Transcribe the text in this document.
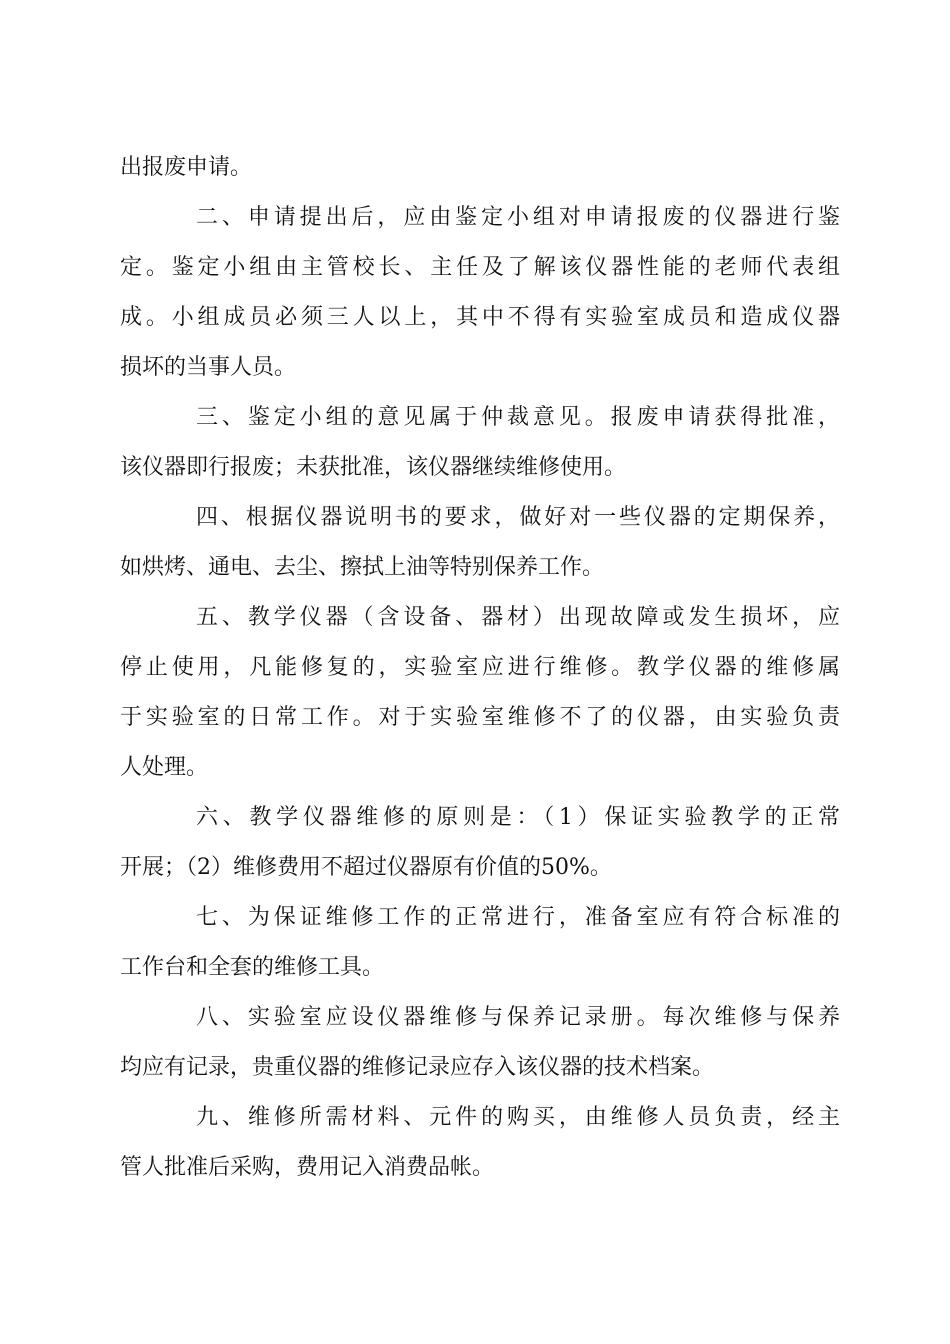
出报废申请。
二、申请提出后，应由鉴定小组对申请报废的仪器进行鉴
定。鉴定小组由主管校长、主任及了解该仪器性能的老师代表组
成。小组成员必须三人以上，其中不得有实验室成员和造成仪器
损坏的当事人员。
三、鉴定小组的意见属于仲裁意见。报废申请获得批准，
该仪器即行报废；未获批准，该仪器继续维修使用。
四、根据仪器说明书的要求，做好对一些仪器的定期保养，
如烘烤、通电、去尘、擦拭上油等特别保养工作。
五、教学仪器（含设备、器材）出现故障或发生损坏，应
停止使用，凡能修复的，实验室应进行维修。教学仪器的维修属
于实验室的日常工作。对于实验室维修不了的仪器，由实验负责
人处理。
六、教学仪器维修的原则是：（1）保证实验教学的正常
开展；（2）维修费用不超过仪器原有价值的50%。
七、为保证维修工作的正常进行，准备室应有符合标准的
工作台和全套的维修工具。
八、实验室应设仪器维修与保养记录册。每次维修与保养
均应有记录，贵重仪器的维修记录应存入该仪器的技术档案。
九、维修所需材料、元件的购买，由维修人员负责，经主
管人批准后采购，费用记入消费品帐。
